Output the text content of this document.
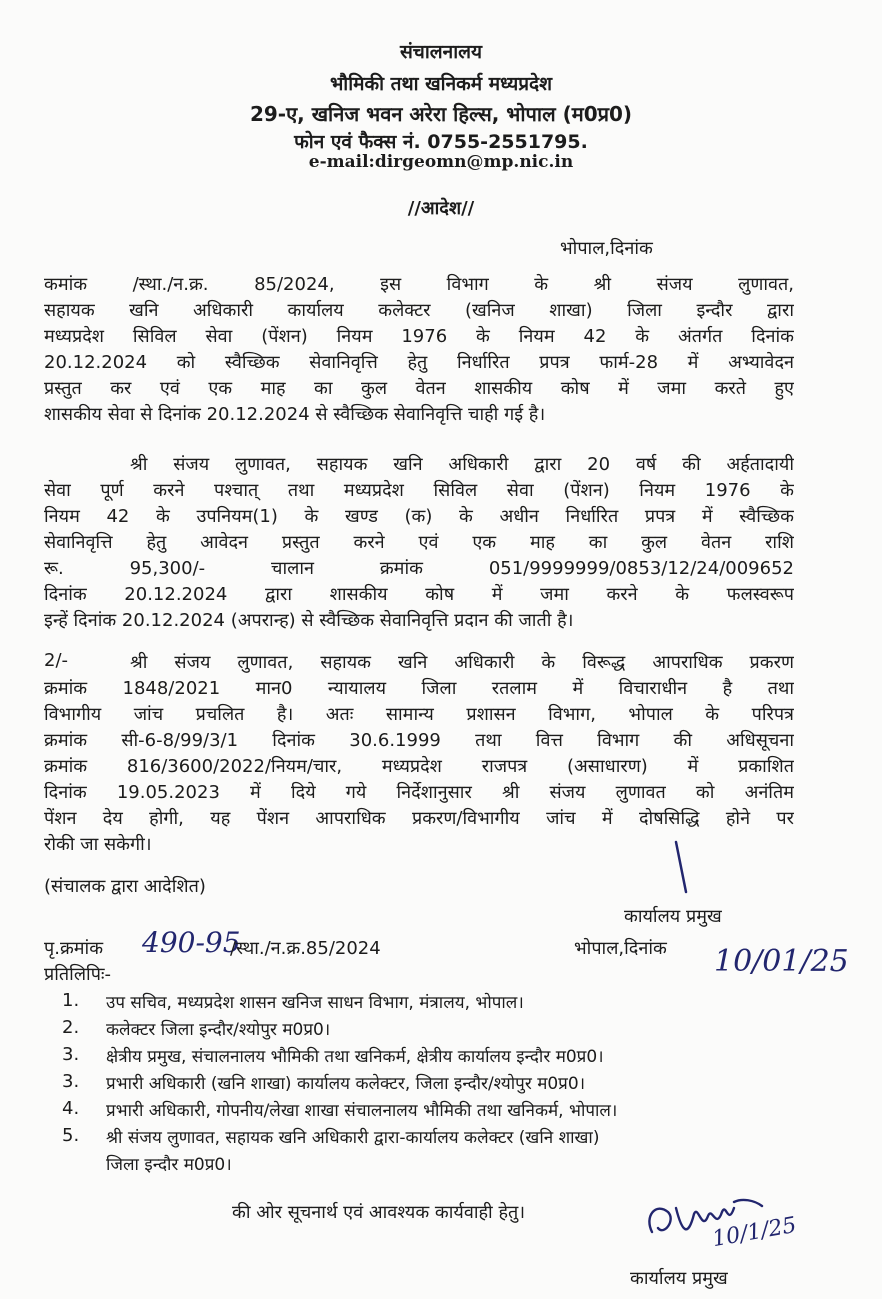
संचालनालय
भौमिकी तथा खनिकर्म मध्यप्रदेश
29-ए, खनिज भवन अरेरा हिल्स, भोपाल (म0प्र0)
फोन एवं फैक्स नं. 0755-2551795.
e-mail:dirgeomn@mp.nic.in
//आदेश//
भोपाल,दिनांक
कमांक /स्था./न.क्र. 85/2024, इस विभाग के श्री संजय लुणावत,
सहायक खनि अधिकारी कार्यालय कलेक्टर (खनिज शाखा) जिला इन्दौर द्वारा
मध्यप्रदेश सिविल सेवा (पेंशन) नियम 1976 के नियम 42 के अंतर्गत दिनांक
20.12.2024 को स्वैच्छिक सेवानिवृत्ति हेतु निर्धारित प्रपत्र फार्म-28 में अभ्यावेदन
प्रस्तुत कर एवं एक माह का कुल वेतन शासकीय कोष में जमा करते हुए
शासकीय सेवा से दिनांक 20.12.2024 से स्वैच्छिक सेवानिवृत्ति चाही गई है।
श्री संजय लुणावत, सहायक खनि अधिकारी द्वारा 20 वर्ष की अर्हतादायी
सेवा पूर्ण करने पश्चात् तथा मध्यप्रदेश सिविल सेवा (पेंशन) नियम 1976 के
नियम 42 के उपनियम(1) के खण्ड (क) के अधीन निर्धारित प्रपत्र में स्वैच्छिक
सेवानिवृत्ति हेतु आवेदन प्रस्तुत करने एवं एक माह का कुल वेतन राशि
रू. 95,300/- चालान क्रमांक 051/9999999/0853/12/24/009652
दिनांक 20.12.2024 द्वारा शासकीय कोष में जमा करने के फलस्वरूप
इन्हें दिनांक 20.12.2024 (अपरान्ह) से स्वैच्छिक सेवानिवृत्ति प्रदान की जाती है।
2/-	श्री संजय लुणावत, सहायक खनि अधिकारी के विरूद्ध आपराधिक प्रकरण
क्रमांक 1848/2021 मान0 न्यायालय जिला रतलाम में विचाराधीन है तथा
विभागीय जांच प्रचलित है। अतः सामान्य प्रशासन विभाग, भोपाल के परिपत्र
क्रमांक सी-6-8/99/3/1 दिनांक 30.6.1999 तथा वित्त विभाग की अधिसूचना
क्रमांक 816/3600/2022/नियम/चार, मध्यप्रदेश राजपत्र (असाधारण) में प्रकाशित
दिनांक 19.05.2023 में दिये गये निर्देशानुसार श्री संजय लुणावत को अनंतिम
पेंशन देय होगी, यह पेंशन आपराधिक प्रकरण/विभागीय जांच में दोषसिद्धि होने पर
रोकी जा सकेगी।
(संचालक द्वारा आदेशित)
कार्यालय प्रमुख
पृ.क्रमांक 490-95
/स्था./न.क्र.85/2024	भोपाल,दिनांक 10/01/25
प्रतिलिपिः-
1. उप सचिव, मध्यप्रदेश शासन खनिज साधन विभाग, मंत्रालय, भोपाल।
2. कलेक्टर जिला इन्दौर/श्योपुर म0प्र0।
3. क्षेत्रीय प्रमुख, संचालनालय भौमिकी तथा खनिकर्म, क्षेत्रीय कार्यालय इन्दौर म0प्र0।
3. प्रभारी अधिकारी (खनि शाखा) कार्यालय कलेक्टर, जिला इन्दौर/श्योपुर म0प्र0।
4. प्रभारी अधिकारी, गोपनीय/लेखा शाखा संचालनालय भौमिकी तथा खनिकर्म, भोपाल।
5. श्री संजय लुणावत, सहायक खनि अधिकारी द्वारा-कार्यालय कलेक्टर (खनि शाखा)
जिला इन्दौर म0प्र0।
की ओर सूचनार्थ एवं आवश्यक कार्यवाही हेतु।
10/1/25
कार्यालय प्रमुख
